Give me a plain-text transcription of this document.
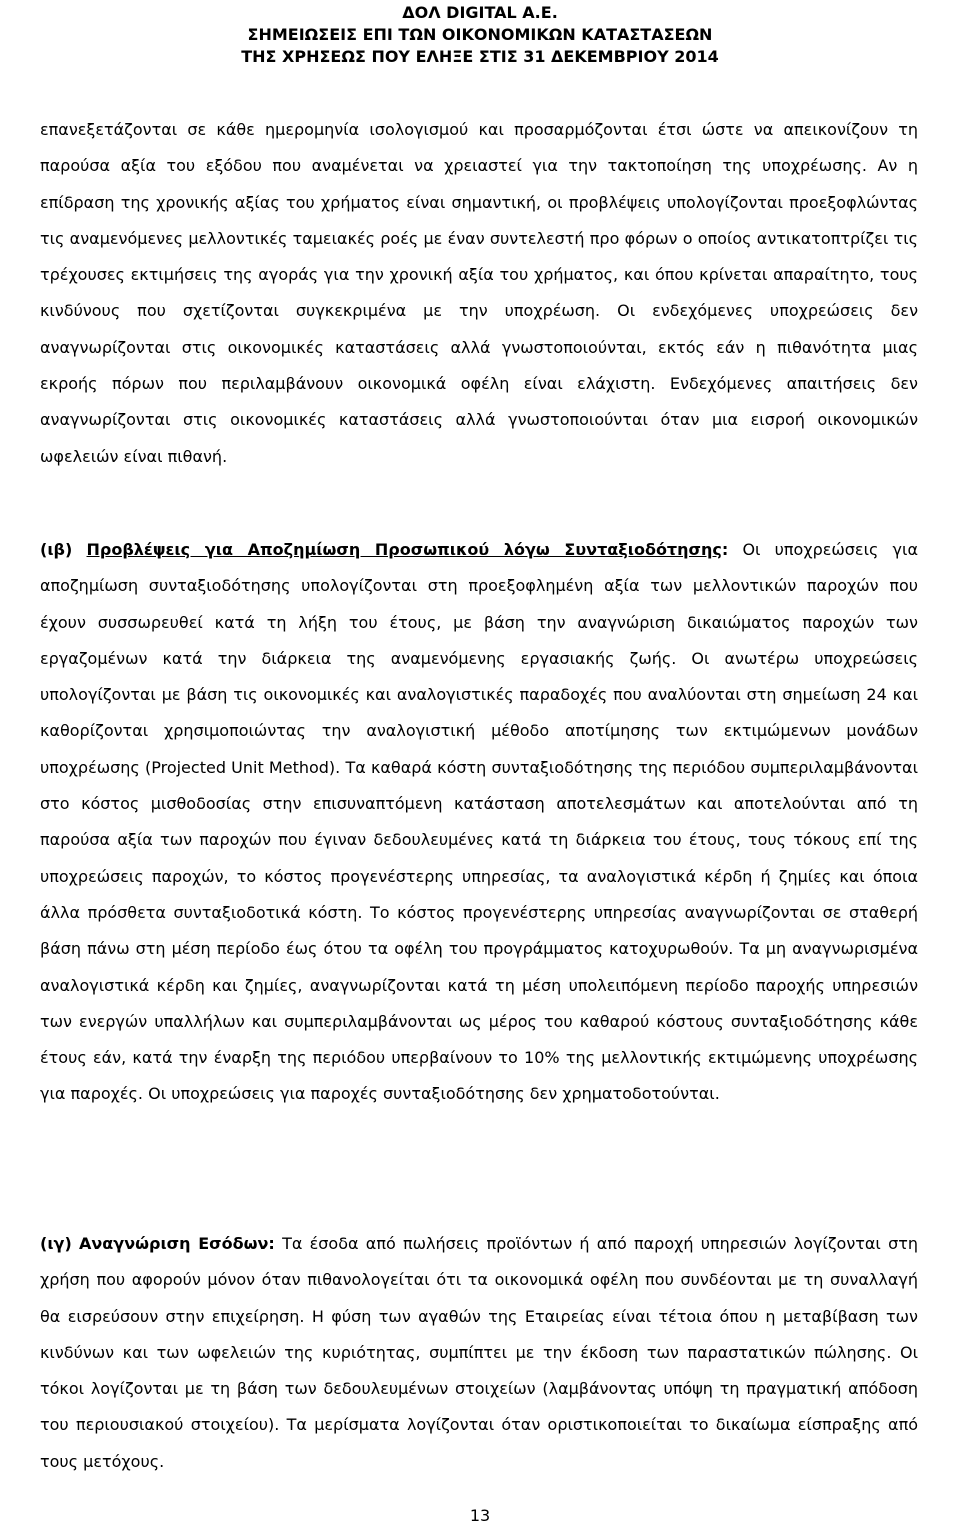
ΔΟΛ DIGITAL Α.Ε.
ΣΗΜΕΙΩΣΕΙΣ ΕΠΙ ΤΩΝ ΟΙΚΟΝΟΜΙΚΩΝ ΚΑΤΑΣΤΑΣΕΩΝ
ΤΗΣ ΧΡΗΣΕΩΣ ΠΟΥ ΕΛΗΞΕ ΣΤΙΣ 31 ΔΕΚΕΜΒΡΙΟΥ 2014
επανεξετάζονται σε κάθε ημερομηνία ισολογισμού και προσαρμόζονται έτσι ώστε να απεικονίζουν τη παρούσα αξία του εξόδου που αναμένεται να χρειαστεί για την τακτοποίηση της υποχρέωσης. Αν η επίδραση της χρονικής αξίας του χρήματος είναι σημαντική, οι προβλέψεις υπολογίζονται προεξοφλώντας τις αναμενόμενες μελλοντικές ταμειακές ροές με έναν συντελεστή προ φόρων ο οποίος αντικατοπτρίζει τις τρέχουσες εκτιμήσεις της αγοράς για την χρονική αξία του χρήματος, και όπου κρίνεται απαραίτητο, τους κινδύνους που σχετίζονται συγκεκριμένα με την υποχρέωση. Οι ενδεχόμενες υποχρεώσεις δεν αναγνωρίζονται στις οικονομικές καταστάσεις αλλά γνωστοποιούνται, εκτός εάν η πιθανότητα μιας εκροής πόρων που περιλαμβάνουν οικονομικά οφέλη είναι ελάχιστη. Ενδεχόμενες απαιτήσεις δεν αναγνωρίζονται στις οικονομικές καταστάσεις αλλά γνωστοποιούνται όταν μια εισροή οικονομικών ωφελειών είναι πιθανή.
(ιβ) Προβλέψεις για Αποζημίωση Προσωπικού λόγω Συνταξιοδότησης: Οι υποχρεώσεις για αποζημίωση συνταξιοδότησης υπολογίζονται στη προεξοφλημένη αξία των μελλοντικών παροχών που έχουν συσσωρευθεί κατά τη λήξη του έτους, με βάση την αναγνώριση δικαιώματος παροχών των εργαζομένων κατά την διάρκεια της αναμενόμενης εργασιακής ζωής. Οι ανωτέρω υποχρεώσεις υπολογίζονται με βάση τις οικονομικές και αναλογιστικές παραδοχές που αναλύονται στη σημείωση 24 και καθορίζονται χρησιμοποιώντας την αναλογιστική μέθοδο αποτίμησης των εκτιμώμενων μονάδων υποχρέωσης (Projected Unit Method). Τα καθαρά κόστη συνταξιοδότησης της περιόδου συμπεριλαμβάνονται στο κόστος μισθοδοσίας στην επισυναπτόμενη κατάσταση αποτελεσμάτων και αποτελούνται από τη παρούσα αξία των παροχών που έγιναν δεδουλευμένες κατά τη διάρκεια του έτους, τους τόκους επί της υποχρεώσεις παροχών, το κόστος προγενέστερης υπηρεσίας, τα αναλογιστικά κέρδη ή ζημίες και όποια άλλα πρόσθετα συνταξιοδοτικά κόστη. Το κόστος προγενέστερης υπηρεσίας αναγνωρίζονται σε σταθερή βάση πάνω στη μέση περίοδο έως ότου τα οφέλη του προγράμματος κατοχυρωθούν. Τα μη αναγνωρισμένα αναλογιστικά κέρδη και ζημίες, αναγνωρίζονται κατά τη μέση υπολειπόμενη περίοδο παροχής υπηρεσιών των ενεργών υπαλλήλων και συμπεριλαμβάνονται ως μέρος του καθαρού κόστους συνταξιοδότησης κάθε έτους εάν, κατά την έναρξη της περιόδου υπερβαίνουν το 10% της μελλοντικής εκτιμώμενης υποχρέωσης για παροχές. Οι υποχρεώσεις για παροχές συνταξιοδότησης δεν χρηματοδοτούνται.
(ιγ) Αναγνώριση Εσόδων: Τα έσοδα από πωλήσεις προϊόντων ή από παροχή υπηρεσιών λογίζονται στη χρήση που αφορούν μόνον όταν πιθανολογείται ότι τα οικονομικά οφέλη που συνδέονται με τη συναλλαγή θα εισρεύσουν στην επιχείρηση. Η φύση των αγαθών της Εταιρείας είναι τέτοια όπου η μεταβίβαση των κινδύνων και των ωφελειών της κυριότητας, συμπίπτει με την έκδοση των παραστατικών πώλησης. Οι τόκοι λογίζονται με τη βάση των δεδουλευμένων στοιχείων (λαμβάνοντας υπόψη τη πραγματική απόδοση του περιουσιακού στοιχείου). Τα μερίσματα λογίζονται όταν οριστικοποιείται το δικαίωμα είσπραξης από τους μετόχους.
13
